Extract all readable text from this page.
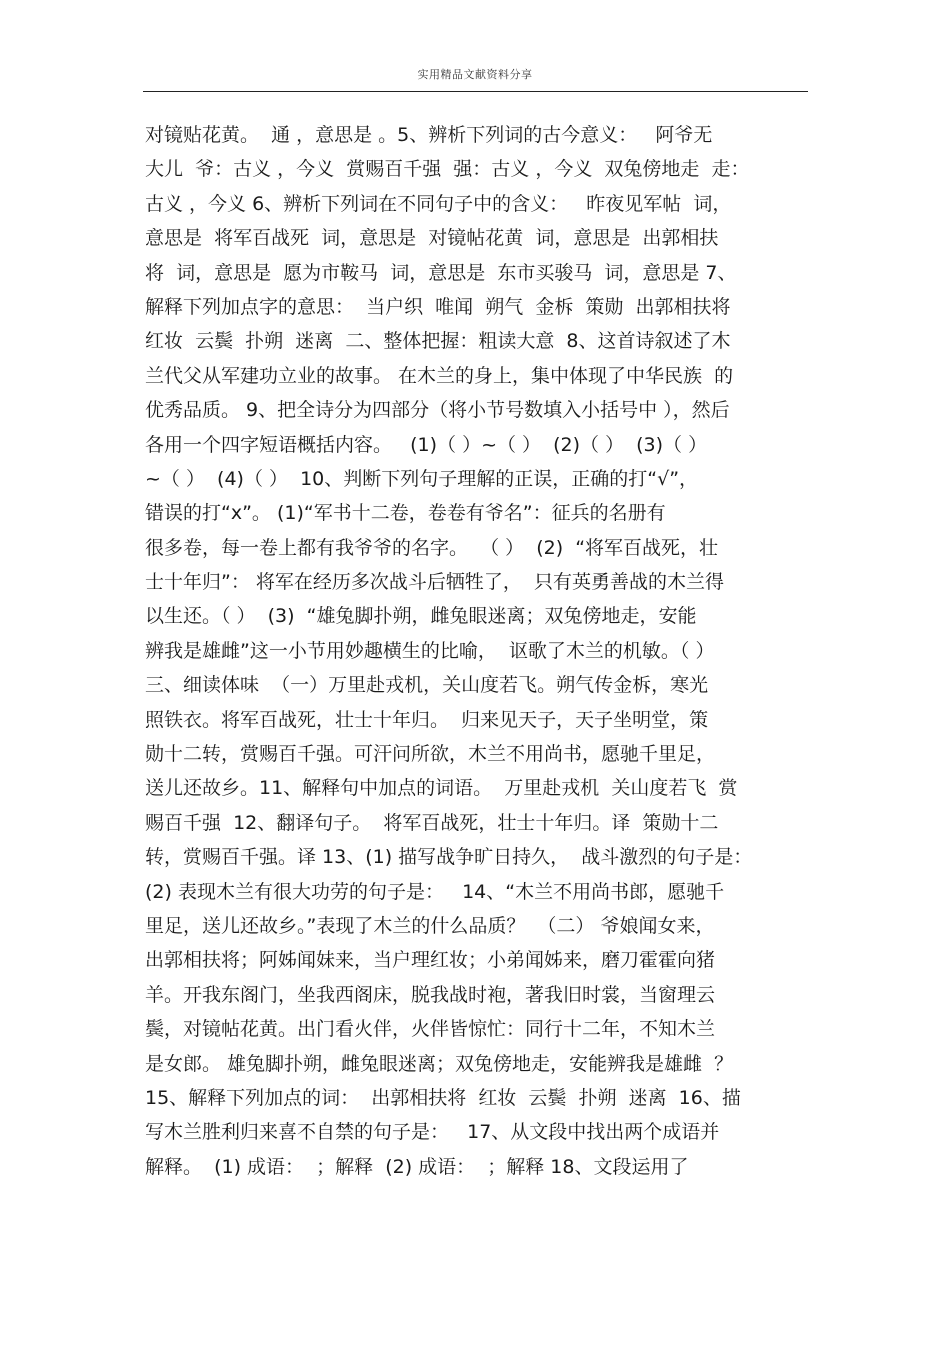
实用精品文献资料分享
对镜贴花黄。  通 ，意思是 。5、辨析下列词的古今意义：   阿爷无
大儿  爷：古义 ，今义  赏赐百千强  强：古义 ，今义  双兔傍地走  走：
古义 ，今义 6、辨析下列词在不同句子中的含义：   昨夜见军帖  词，
意思是  将军百战死  词，意思是  对镜帖花黄  词，意思是  出郭相扶
将  词，意思是  愿为市鞍马  词，意思是  东市买骏马  词，意思是 7、
解释下列加点字的意思：  当户织  唯闻  朔气  金柝  策勋  出郭相扶将
红妆  云鬓  扑朔  迷离  二、整体把握：粗读大意  8、这首诗叙述了木
兰代父从军建功立业的故事。 在木兰的身上，集中体现了中华民族  的
优秀品质。 9、把全诗分为四部分（将小节号数填入小括号中 ），然后
各用一个四字短语概括内容。   (1)（ ）~（ ）  (2)（ ）  (3)（ ）
~（ ）  (4)（ ）  10、判断下列句子理解的正误，正确的打“√”，
错误的打“x”。 (1)“军书十二卷，卷卷有爷名”：征兵的名册有
很多卷，每一卷上都有我爷爷的名字。  （ ）  (2)  “将军百战死，壮
士十年归”： 将军在经历多次战斗后牺牲了，  只有英勇善战的木兰得
以生还。（ ）  (3)  “雄兔脚扑朔，雌兔眼迷离；双兔傍地走，安能
辨我是雄雌”这一小节用妙趣横生的比喻，  讴歌了木兰的机敏。（ ）
三、细读体味  （一）万里赴戎机，关山度若飞。朔气传金柝，寒光
照铁衣。将军百战死，壮士十年归。  归来见天子，天子坐明堂，策
勋十二转，赏赐百千强。可汗问所欲，木兰不用尚书，愿驰千里足，
送儿还故乡。11、解释句中加点的词语。  万里赴戎机  关山度若飞  赏
赐百千强  12、翻译句子。  将军百战死，壮士十年归。译  策勋十二
转，赏赐百千强。译 13、(1) 描写战争旷日持久，  战斗激烈的句子是：
(2) 表现木兰有很大功劳的句子是：   14、“木兰不用尚书郎，愿驰千
里足，送儿还故乡。”表现了木兰的什么品质？  （二） 爷娘闻女来，
出郭相扶将；阿姊闻妹来，当户理红妆；小弟闻姊来，磨刀霍霍向猪
羊。开我东阁门，坐我西阁床，脱我战时袍，著我旧时裳，当窗理云
鬓，对镜帖花黄。出门看火伴，火伴皆惊忙：同行十二年，不知木兰
是女郎。 雄兔脚扑朔，雌兔眼迷离；双兔傍地走，安能辨我是雄雌  ？
15、解释下列加点的词：  出郭相扶将  红妆  云鬓  扑朔  迷离  16、描
写木兰胜利归来喜不自禁的句子是：   17、从文段中找出两个成语并
解释。  (1) 成语：  ；解释  (2) 成语：  ；解释 18、文段运用了
